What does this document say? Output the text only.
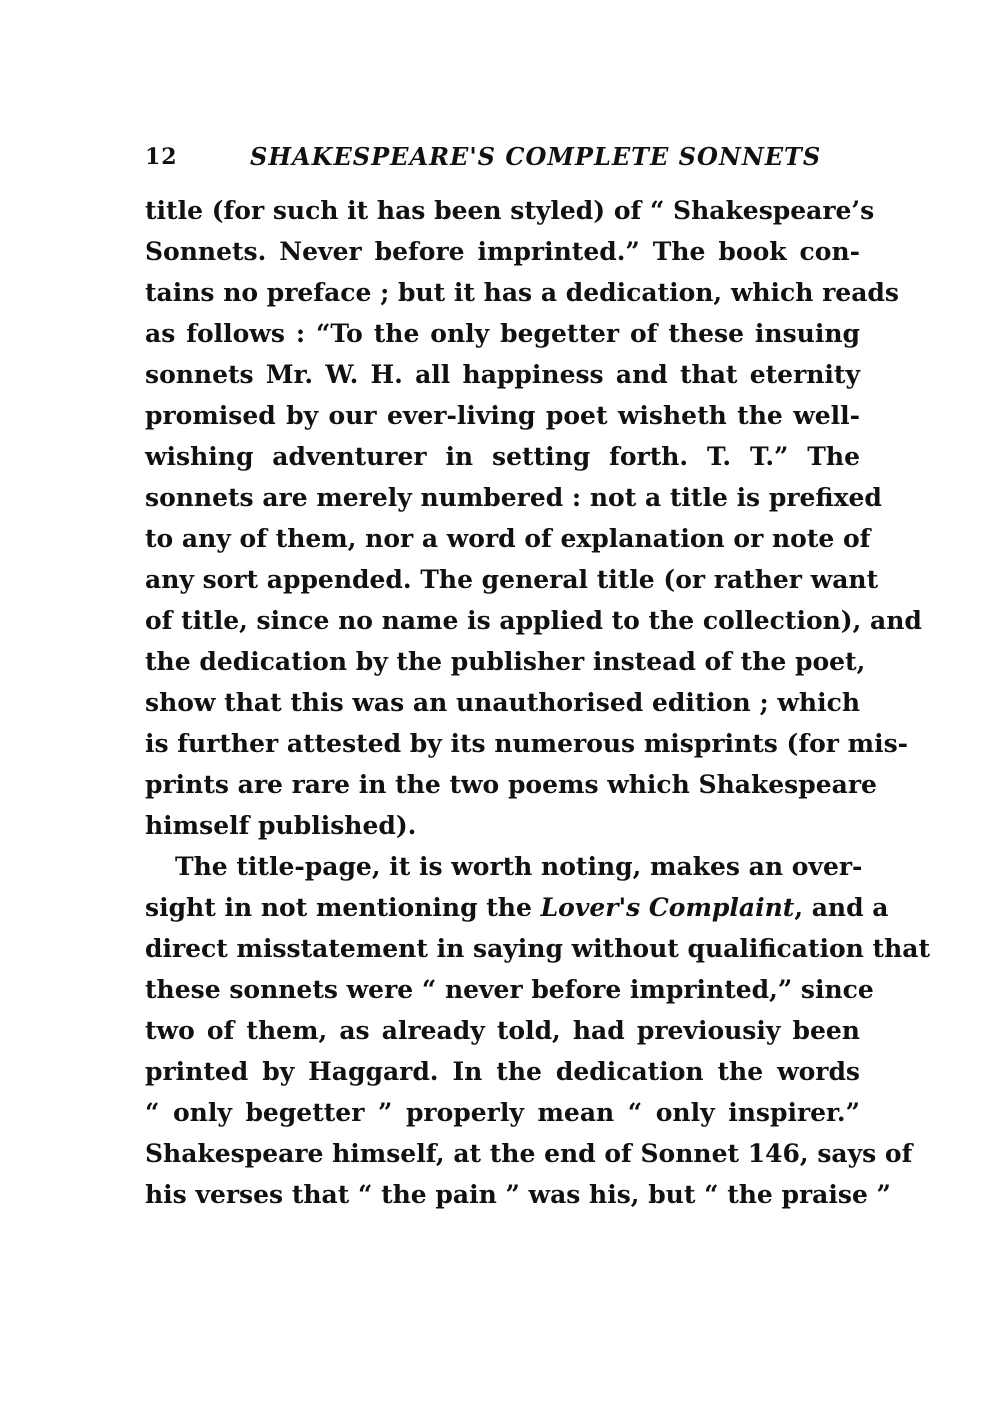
12	SHAKESPEARE'S COMPLETE SONNETS
title (for such it has been styled) of “ Shakespeare’s
Sonnets. Never before imprinted.” The book con-
tains no preface ; but it has a dedication, which reads
as follows : “To the only begetter of these insuing
sonnets Mr. W. H. all happiness and that eternity
promised by our ever-living poet wisheth the well-
wishing adventurer in setting forth. T. T.” The
sonnets are merely numbered : not a title is prefixed
to any of them, nor a word of explanation or note of
any sort appended. The general title (or rather want
of title, since no name is applied to the collection), and
the dedication by the publisher instead of the poet,
show that this was an unauthorised edition ; which
is further attested by its numerous misprints (for mis-
prints are rare in the two poems which Shakespeare
himself published).
The title-page, it is worth noting, makes an over-
sight in not mentioning the Lover's Complaint, and a
direct misstatement in saying without qualification that
these sonnets were “ never before imprinted,” since
two of them, as already told, had previousiy been
printed by Haggard. In the dedication the words
“ only begetter ” properly mean “ only inspirer.”
Shakespeare himself, at the end of Sonnet 146, says of
his verses that “ the pain ” was his, but “ the praise ”
